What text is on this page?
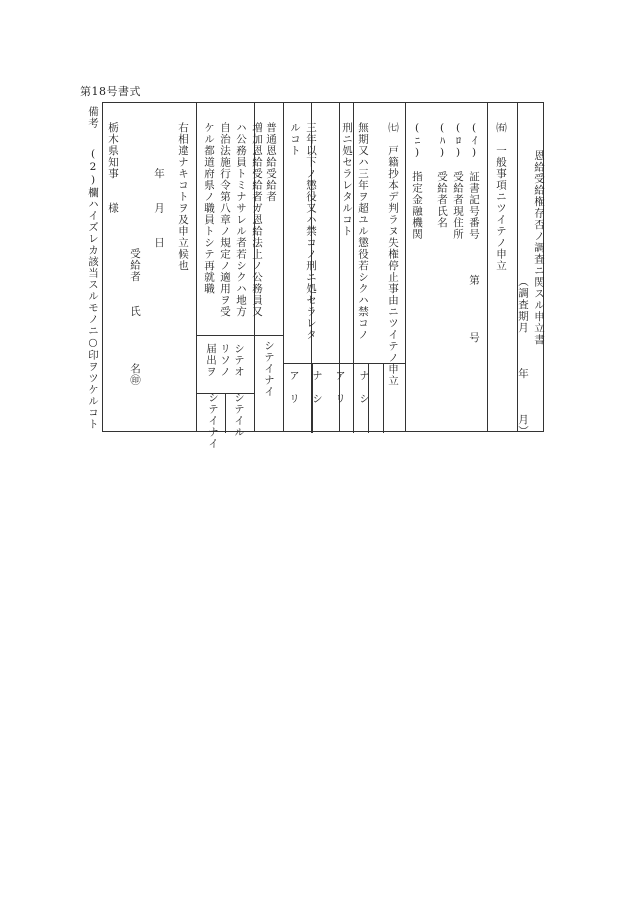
第18号書式
備考
(2)欄ハイズレカ該当スルモノニ○印ヲツケルコト	恩給受給権存否ノ調査ニ関スル申立書
（調査期月　　　年　　　月）
㈲　一般事項ニツイテノ申立
(ｲ)　証書記号番号　　　第　　　　号
(ﾛ)　受給者現住所
(ﾊ)　受給者氏名
(ﾆ)　指定金融機関
㈦　戸籍抄本デ判ラヌ失権停止事由ニツイテノ申立
無期又ハ三年ヲ超ユル懲役若シクハ禁コノ
刑ニ処セラレタルコト
ナ　シ
ア　リ
三年以下ノ懲役又ハ禁コノ刑ニ処セラレタ
ルコト
ナ　シ
ア　リ
普通恩給受給者
増加恩給受給者ガ恩給法上ノ公務員又
ハ公務員トミナサレル者若シクハ地方
自治法施行令第八章ノ規定ノ適用ヲ受
ケル都道府県ノ職員トシテ再就職
シテイナイ
シテオ
リソノ
届出ヲ
シテイル
シテイナイ
右相違ナキコトヲ及申立候也
年　　月　　日
受給者　　氏　　　　名㊞
栃木県知事　　様
